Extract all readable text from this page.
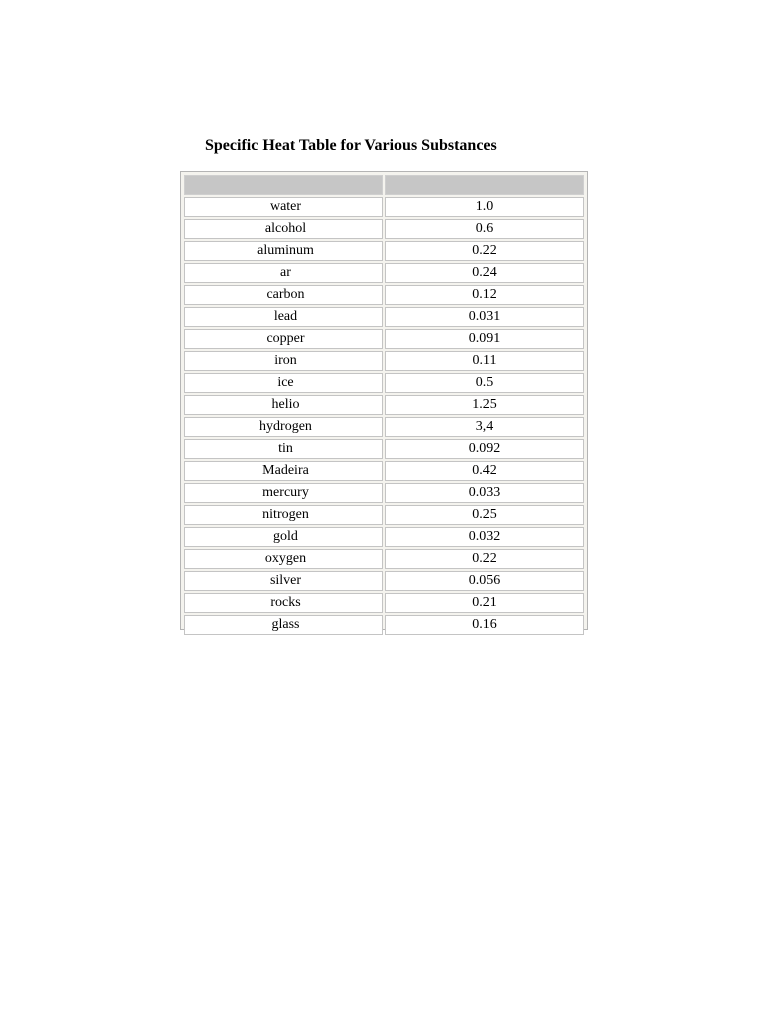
Specific Heat Table for Various Substances

water	1.0
alcohol	0.6
aluminum	0.22
ar	0.24
carbon	0.12
lead	0.031
copper	0.091
iron	0.11
ice	0.5
helio	1.25
hydrogen	3,4
tin	0.092
Madeira	0.42
mercury	0.033
nitrogen	0.25
gold	0.032
oxygen	0.22
silver	0.056
rocks	0.21
glass	0.16
